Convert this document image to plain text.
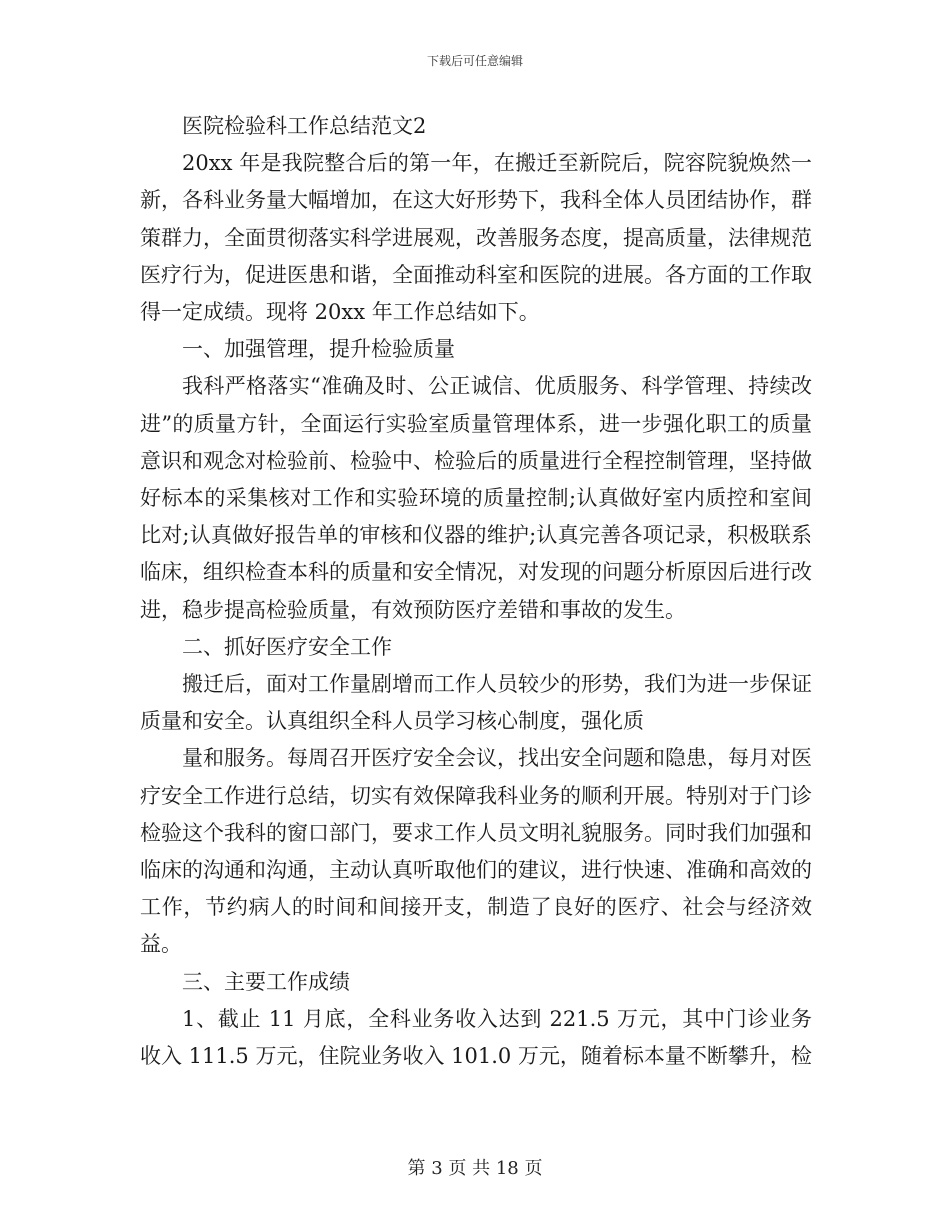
下载后可任意编辑

医院检验科工作总结范文2

20xx 年是我院整合后的第一年，在搬迁至新院后，院容院貌焕然一新，各科业务量大幅增加，在这大好形势下，我科全体人员团结协作，群策群力，全面贯彻落实科学进展观，改善服务态度，提高质量，法律规范医疗行为，促进医患和谐，全面推动科室和医院的进展。各方面的工作取得一定成绩。现将 20xx 年工作总结如下。

一、加强管理，提升检验质量

我科严格落实“准确及时、公正诚信、优质服务、科学管理、持续改进”的质量方针，全面运行实验室质量管理体系，进一步强化职工的质量意识和观念对检验前、检验中、检验后的质量进行全程控制管理，坚持做好标本的采集核对工作和实验环境的质量控制;认真做好室内质控和室间比对;认真做好报告单的审核和仪器的维护;认真完善各项记录，积极联系临床，组织检查本科的质量和安全情况，对发现的问题分析原因后进行改进，稳步提高检验质量，有效预防医疗差错和事故的发生。

二、抓好医疗安全工作

搬迁后，面对工作量剧增而工作人员较少的形势，我们为进一步保证质量和安全。认真组织全科人员学习核心制度，强化质

量和服务。每周召开医疗安全会议，找出安全问题和隐患，每月对医疗安全工作进行总结，切实有效保障我科业务的顺利开展。特别对于门诊检验这个我科的窗口部门，要求工作人员文明礼貌服务。同时我们加强和临床的沟通和沟通，主动认真听取他们的建议，进行快速、准确和高效的工作，节约病人的时间和间接开支，制造了良好的医疗、社会与经济效益。

三、主要工作成绩

1、截止 11 月底，全科业务收入达到 221.5 万元，其中门诊业务收入 111.5 万元，住院业务收入 101.0 万元，随着标本量不断攀升，检

第 3 页 共 18 页
